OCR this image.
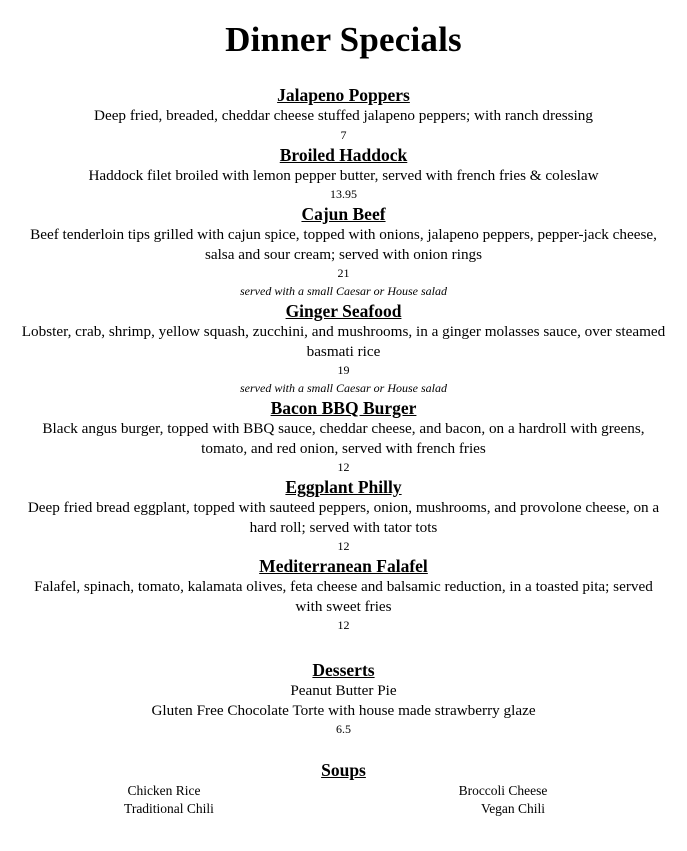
Dinner Specials
Jalapeno Poppers
Deep fried, breaded, cheddar cheese stuffed jalapeno peppers; with ranch dressing
7
Broiled Haddock
Haddock filet broiled with lemon pepper butter, served with french fries & coleslaw
13.95
Cajun Beef
Beef tenderloin tips grilled with cajun spice, topped with onions, jalapeno peppers, pepper-jack cheese, salsa and sour cream; served with onion rings
21
served with a small Caesar or House salad
Ginger Seafood
Lobster, crab, shrimp, yellow squash, zucchini, and mushrooms, in a ginger molasses sauce, over steamed basmati rice
19
served with a small Caesar or House salad
Bacon BBQ Burger
Black angus burger, topped with BBQ sauce, cheddar cheese, and bacon, on a hardroll with greens, tomato, and red onion, served with french fries
12
Eggplant Philly
Deep fried bread eggplant, topped with sauteed peppers, onion, mushrooms, and provolone cheese, on a hard roll; served with tator tots
12
Mediterranean Falafel
Falafel, spinach, tomato, kalamata olives, feta cheese and balsamic reduction, in a toasted pita; served with sweet fries
12
Desserts
Peanut Butter Pie
Gluten Free Chocolate Torte with house made strawberry glaze
6.5
Soups
Chicken Rice
Traditional Chili
Broccoli Cheese
Vegan Chili
